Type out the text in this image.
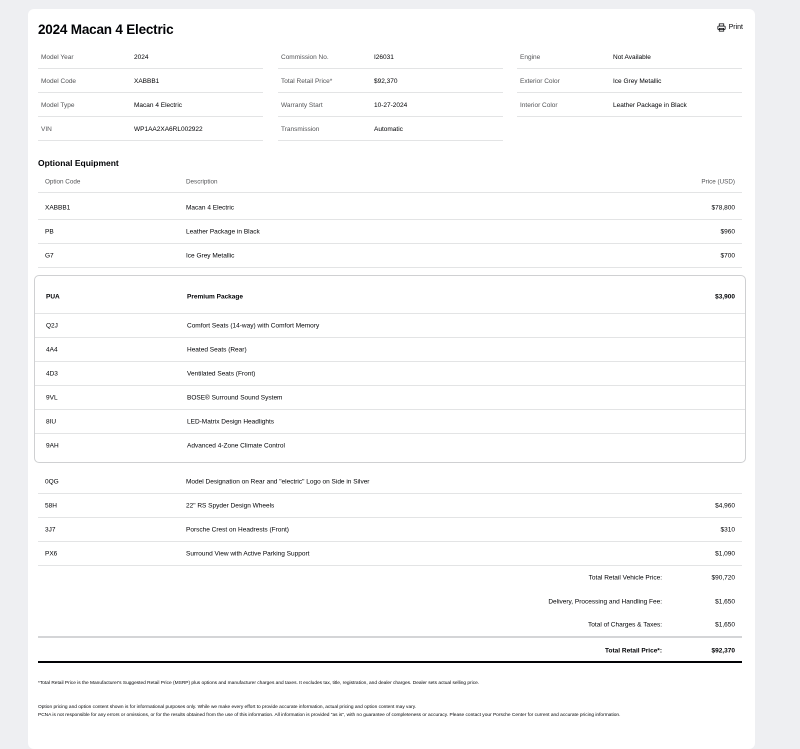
2024 Macan 4 Electric	Print
Model Year	2024
Model Code	XABBB1
Model Type	Macan 4 Electric
VIN	WP1AA2XA6RL002922
Commission No.	I26031
Total Retail Price*	$92,370
Warranty Start	10-27-2024
Transmission	Automatic
Engine	Not Available
Exterior Color	Ice Grey Metallic
Interior Color	Leather Package in Black
Optional Equipment
Option Code	Description	Price (USD)
XABBB1	Macan 4 Electric	$78,800
PB	Leather Package in Black	$960
G7	Ice Grey Metallic	$700
PUA	Premium Package	$3,900
Q2J	Comfort Seats (14-way) with Comfort Memory
4A4	Heated Seats (Rear)
4D3	Ventilated Seats (Front)
9VL	BOSE® Surround Sound System
8IU	LED-Matrix Design Headlights
9AH	Advanced 4-Zone Climate Control
0QG	Model Designation on Rear and "electric" Logo on Side in Silver
58H	22" RS Spyder Design Wheels	$4,960
3J7	Porsche Crest on Headrests (Front)	$310
PX6	Surround View with Active Parking Support	$1,090
Total Retail Vehicle Price:	$90,720
Delivery, Processing and Handling Fee:	$1,650
Total of Charges & Taxes:	$1,650
Total Retail Price*:	$92,370
*Total Retail Price is the Manufacturer's Suggested Retail Price (MSRP) plus options and manufacturer charges and taxes. It excludes tax, title, registration, and dealer charges. Dealer sets actual selling price.
Option pricing and option content shown is for informational purposes only. While we make every effort to provide accurate information, actual pricing and option content may vary.
PCNA is not responsible for any errors or omissions, or for the results obtained from the use of this information. All information is provided "as is", with no guarantee of completeness or accuracy. Please contact your Porsche Center for current and accurate pricing information.
